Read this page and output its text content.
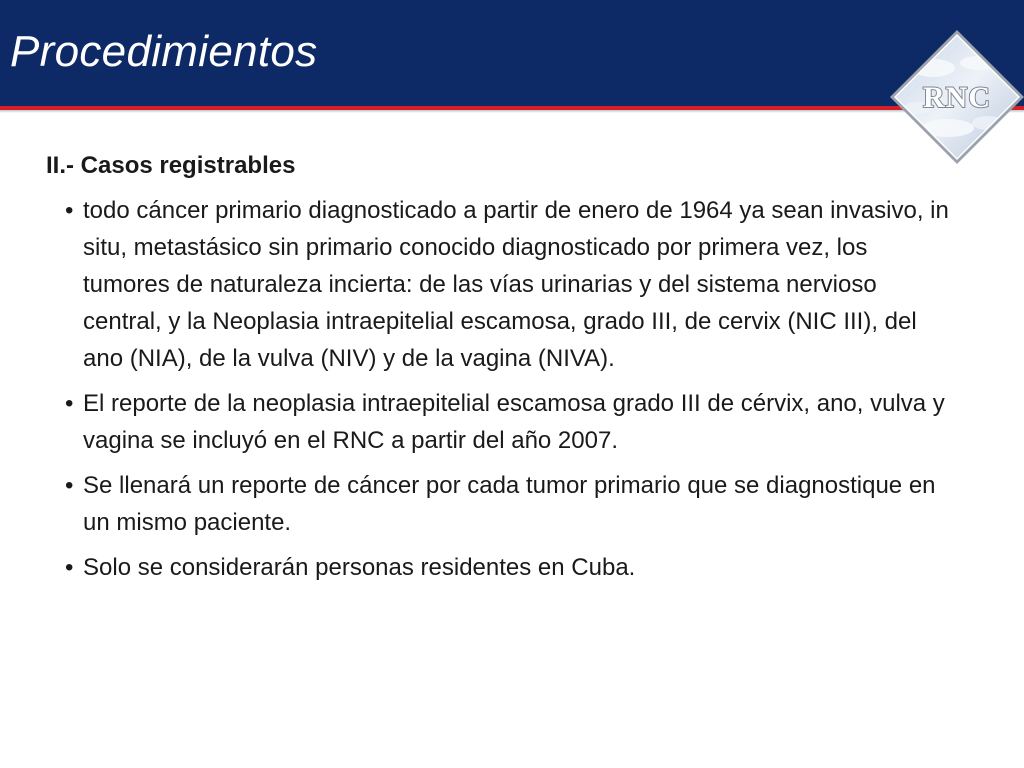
Procedimientos
RNC
II.- Casos registrables
• todo cáncer primario diagnosticado a partir de enero de 1964 ya sean invasivo, in situ, metastásico sin primario conocido diagnosticado por primera vez, los tumores de naturaleza incierta: de las vías urinarias y del sistema nervioso central, y la Neoplasia intraepitelial escamosa, grado III, de cervix (NIC III), del ano (NIA), de la vulva (NIV) y de la vagina (NIVA).
• El reporte de la neoplasia intraepitelial escamosa grado III de cérvix, ano, vulva y vagina se incluyó en el RNC a partir del año 2007.
• Se llenará un reporte de cáncer por cada tumor primario que se diagnostique en un mismo paciente.
• Solo se considerarán personas residentes en Cuba.
